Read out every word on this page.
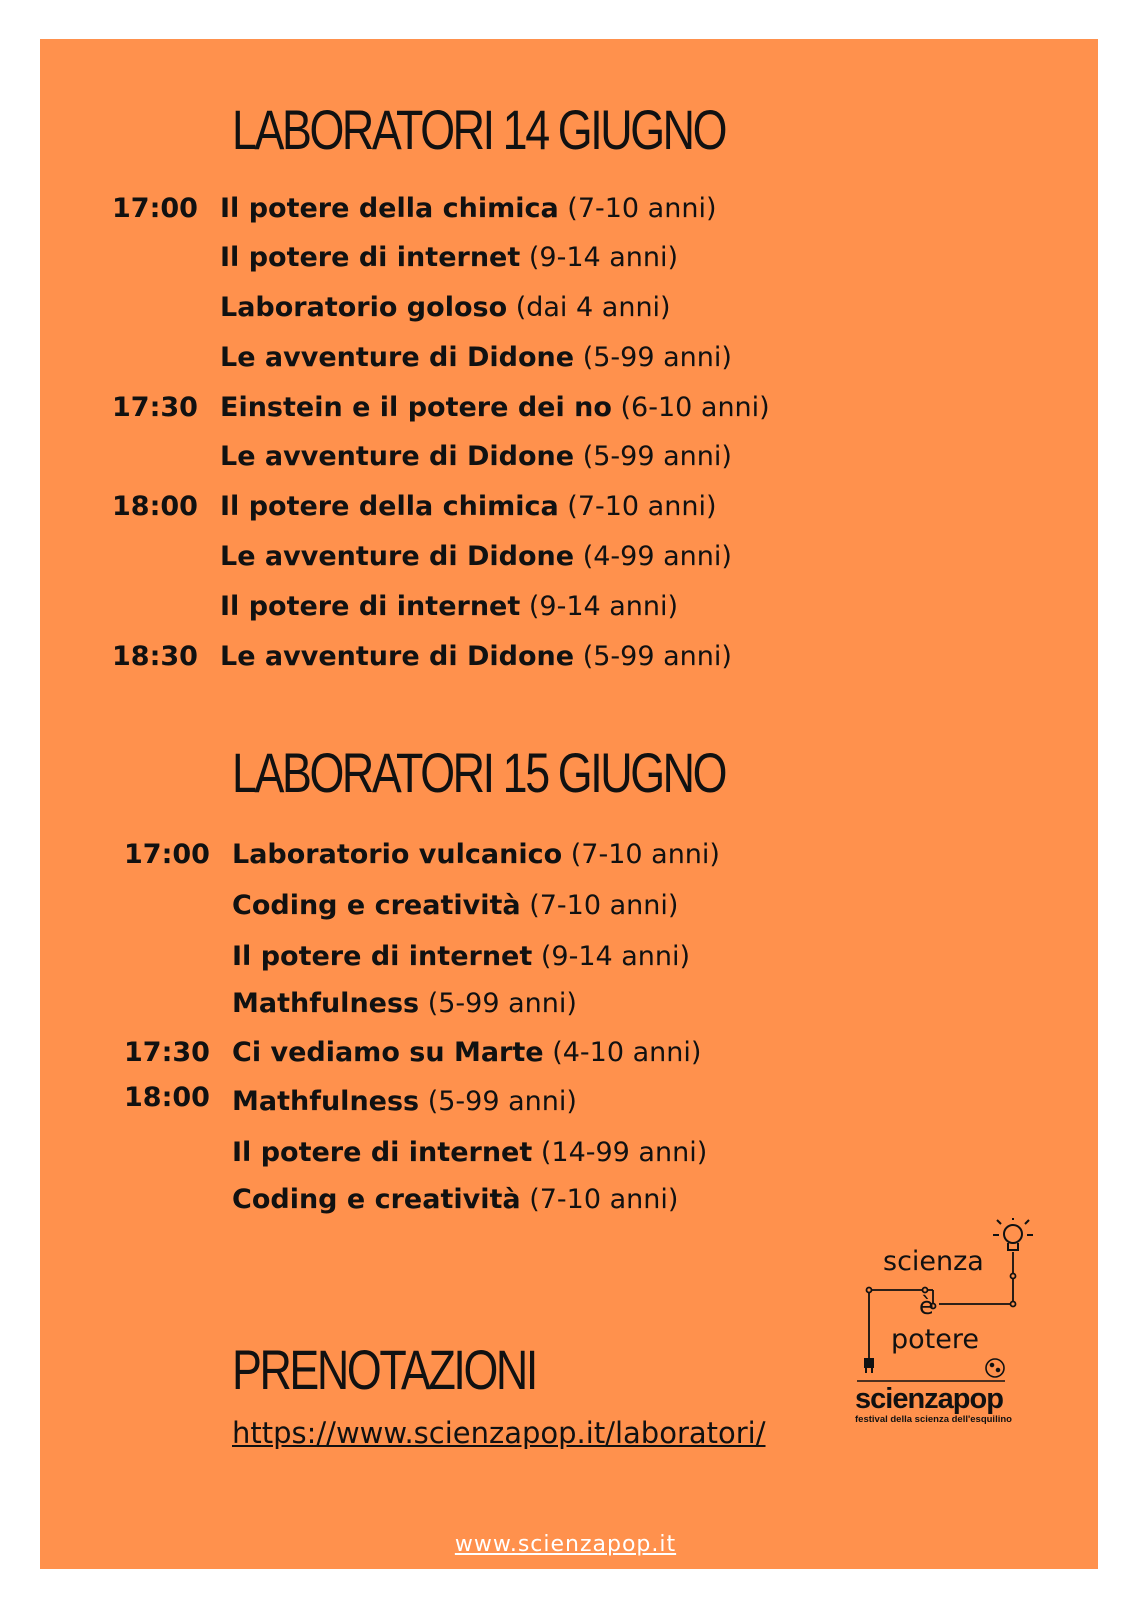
LABORATORI 14 GIUGNO
17:00 Il potere della chimica (7-10 anni)
Il potere di internet (9-14 anni)
Laboratorio goloso (dai 4 anni)
Le avventure di Didone (5-99 anni)
17:30 Einstein e il potere dei no (6-10 anni)
Le avventure di Didone (5-99 anni)
18:00 Il potere della chimica (7-10 anni)
Le avventure di Didone (4-99 anni)
Il potere di internet (9-14 anni)
18:30 Le avventure di Didone (5-99 anni)
LABORATORI 15 GIUGNO
17:00 Laboratorio vulcanico (7-10 anni)
Coding e creatività (7-10 anni)
Il potere di internet (9-14 anni)
Mathfulness (5-99 anni)
17:30 Ci vediamo su Marte (4-10 anni)
18:00 Mathfulness (5-99 anni)
Il potere di internet (14-99 anni)
Coding e creatività (7-10 anni)
PRENOTAZIONI
https://www.scienzapop.it/laboratori/
scienza
è
potere
scienzapop
festival della scienza dell'esquilino
www.scienzapop.it
